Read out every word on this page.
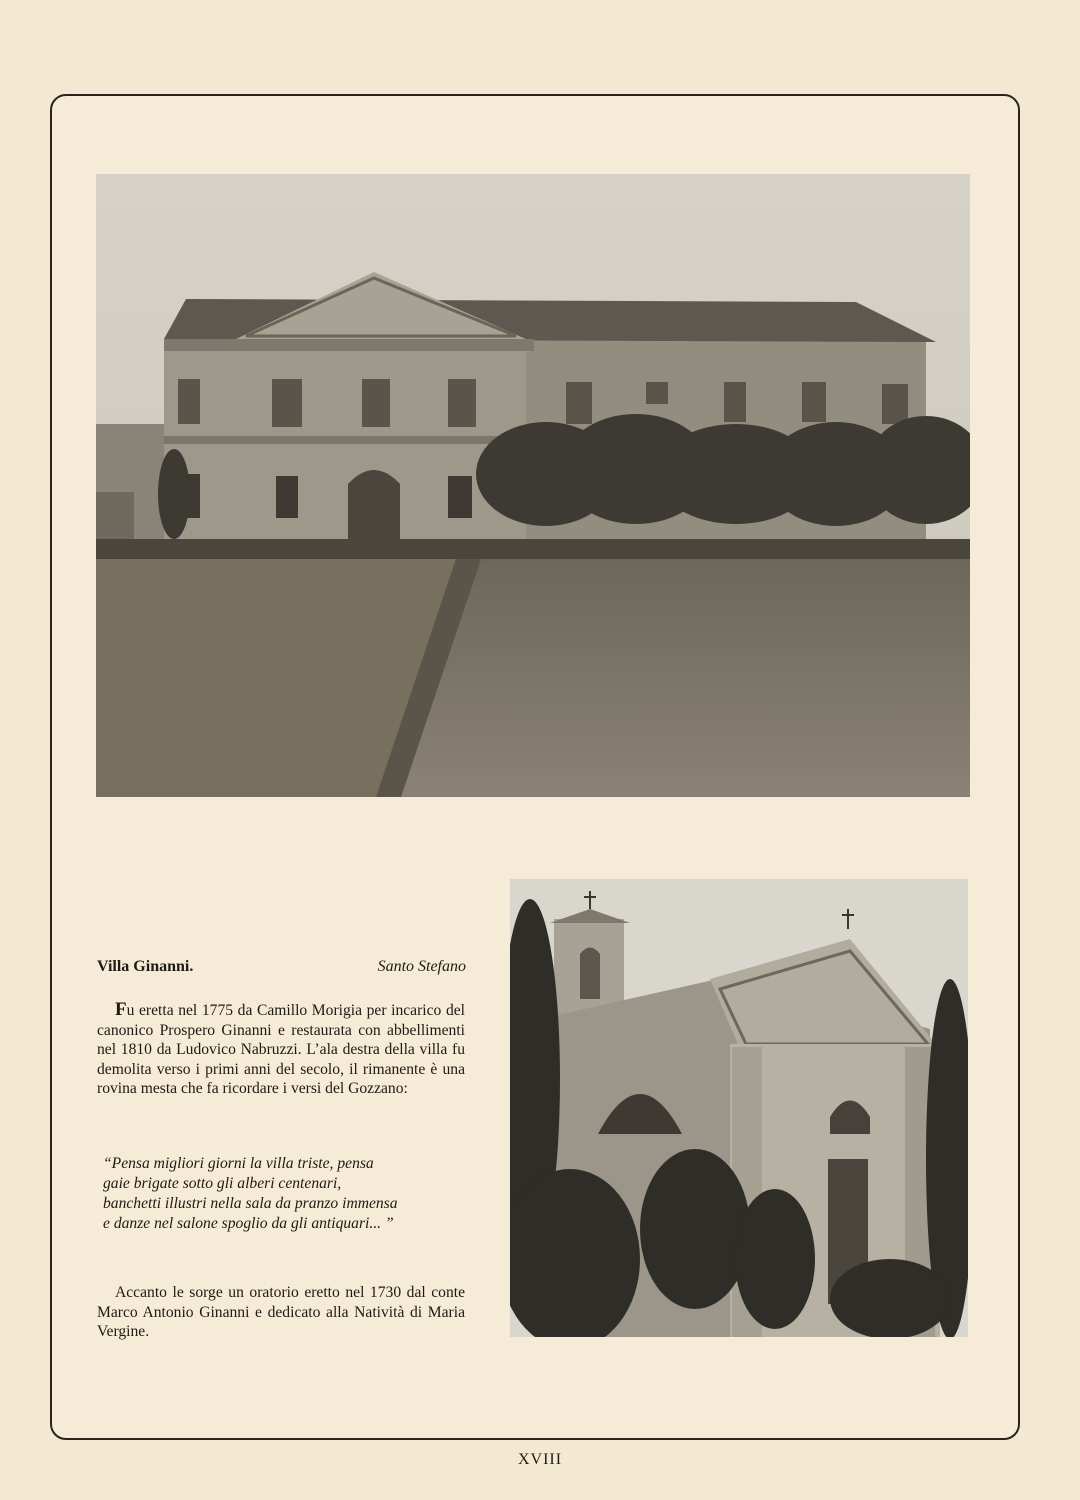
Villa Ginanni.	Santo Stefano

Fu eretta nel 1775 da Camillo Morigia per incarico del canonico Prospero Ginanni e restaurata con abbellimenti nel 1810 da Ludovico Nabruzzi. L’ala destra della villa fu demolita verso i primi anni del secolo, il rimanente è una rovina mesta che fa ricordare i versi del Gozzano:

“Pensa migliori giorni la villa triste, pensa
gaie brigate sotto gli alberi centenari,
banchetti illustri nella sala da pranzo immensa
e danze nel salone spoglio da gli antiquari... ”

Accanto le sorge un oratorio eretto nel 1730 dal conte Marco Antonio Ginanni e dedicato alla Natività di Maria Vergine.

XVIII
